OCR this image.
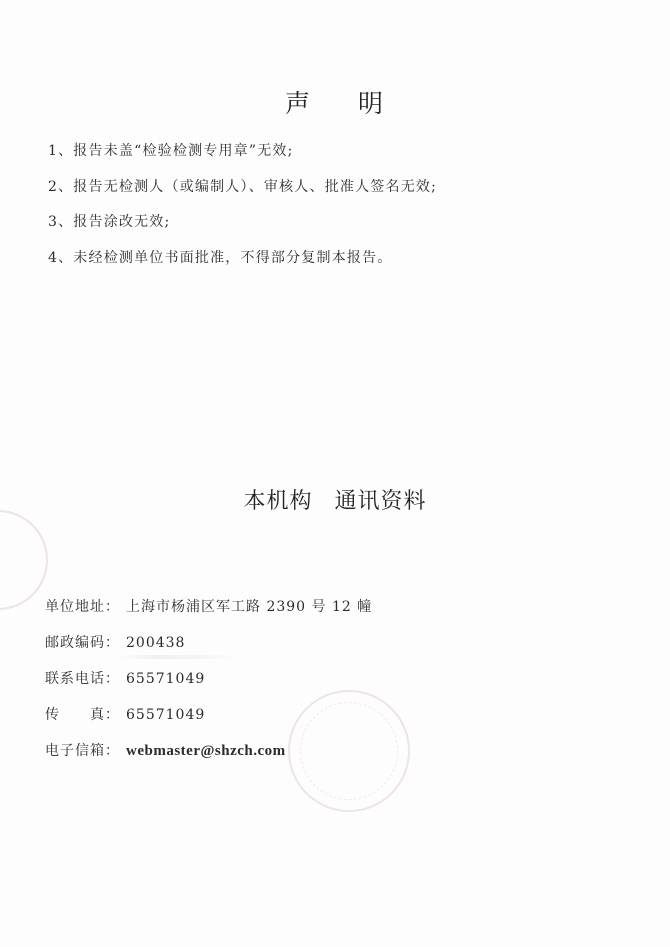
声 明
1、报告未盖“检验检测专用章”无效;
2、报告无检测人（或编制人）、审核人、批准人签名无效;
3、报告涂改无效;
4、未经检测单位书面批准，不得部分复制本报告。
本机构 通讯资料
单位地址： 上海市杨浦区军工路 2390 号 12 幢
邮政编码： 200438
联系电话： 65571049
传　　真： 65571049
电子信箱： webmaster@shzch.com
